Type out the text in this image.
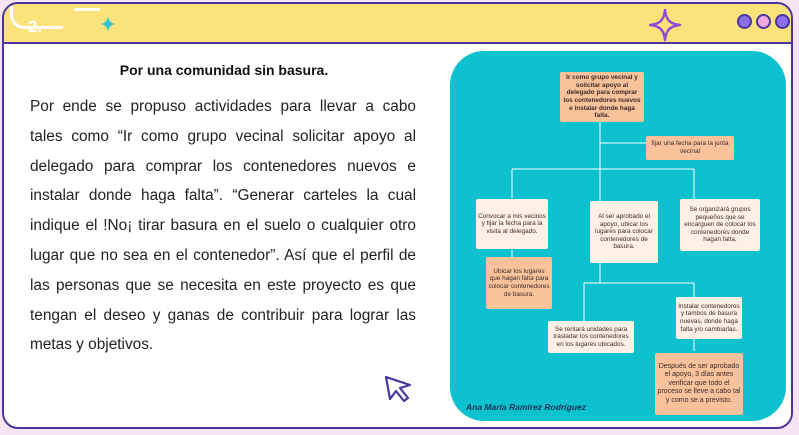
2.
Por una comunidad sin basura.
Por ende se propuso actividades para llevar a cabo tales como “Ir como grupo vecinal solicitar apoyo al delegado para comprar los contenedores nuevos e instalar donde haga falta”. “Generar carteles la cual indique el !No¡ tirar basura en el suelo o cualquier otro lugar que no sea en el contenedor”. Así que el perfil de las personas que se necesita en este proyecto es que tengan el deseo y ganas de contribuir para lograr las metas y objetivos.
Ir como grupo vecinal y solicitar apoyo al delegado para comprar los contenedores nuevos e instalar donde haga falta.
fijar una fecha para la junta vecinal
Convocar a mis vecinos y fijar la fecha para la visita al delegado.
Al ser aprobado el apoyo, ubicar los lugares para colocar contenedores de basura.
Se organizará grupos pequeños que se encarguen de colocar los contenedores donde hagan falta.
Ubicar los lugares que hagan falta para colocar contenedores de basura.
Se rentará unidades para trasladar los contenedores en los lugares ubicados.
Instalar contenedores y tambos de basura nuevas, donde haga falta y/o cambiarlas.
Después de ser aprobado el apoyo, 3 días antes verificar que todo el proceso se lleve a cabo tal y como se a previsto.
Ana María Ramírez Rodríguez
